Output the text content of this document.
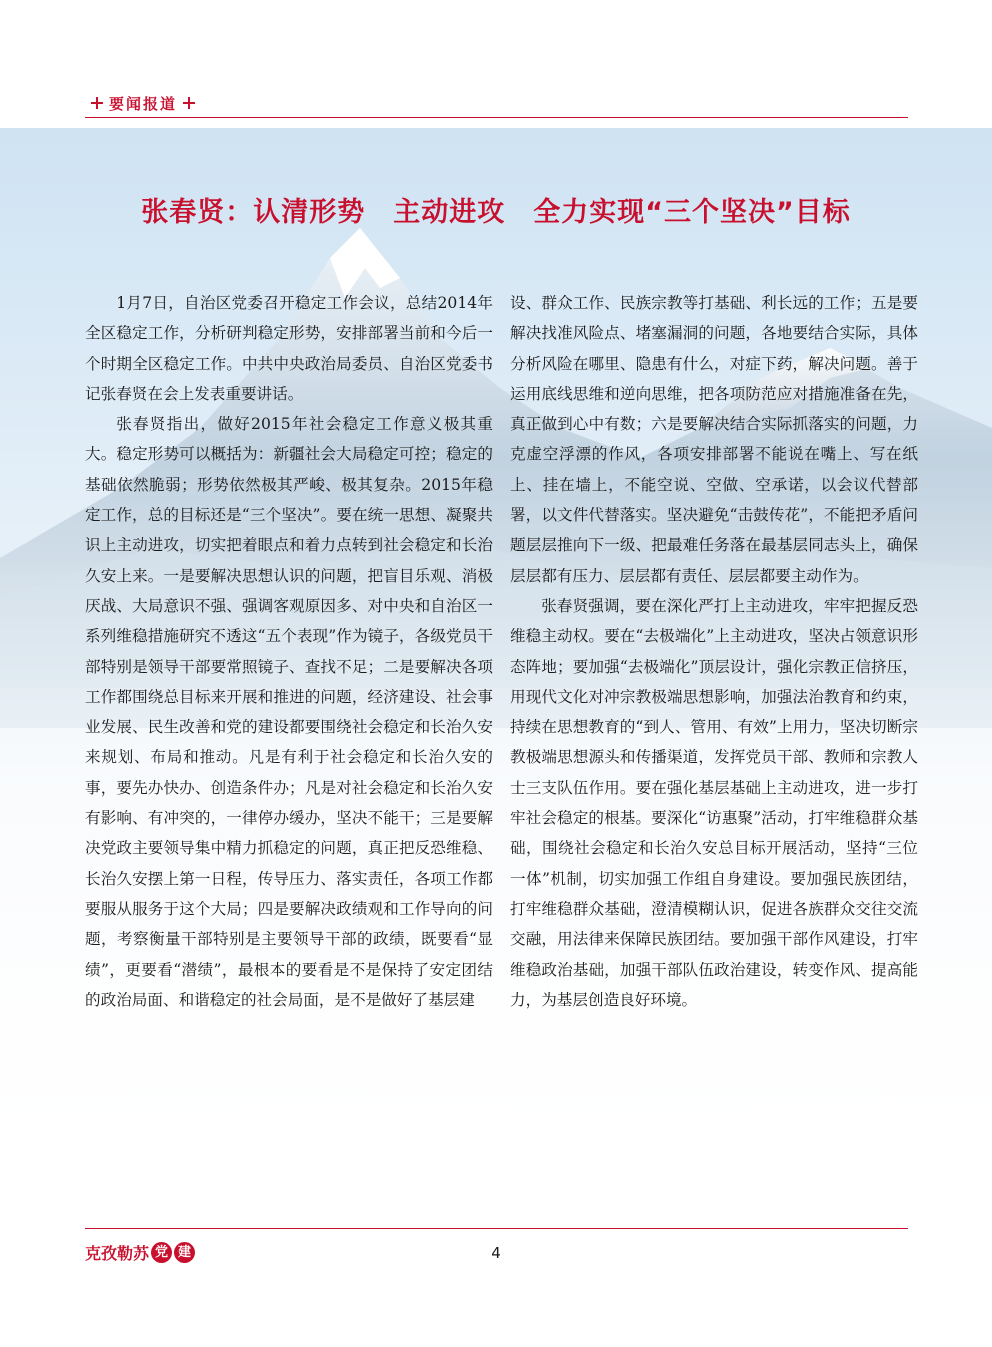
要闻报道
张春贤：认清形势　主动进攻　全力实现“三个坚决”目标

1月7日，自治区党委召开稳定工作会议，总结2014年全区稳定工作，分析研判稳定形势，安排部署当前和今后一个时期全区稳定工作。中共中央政治局委员、自治区党委书记张春贤在会上发表重要讲话。

张春贤指出，做好2015年社会稳定工作意义极其重大。稳定形势可以概括为：新疆社会大局稳定可控；稳定的基础依然脆弱；形势依然极其严峻、极其复杂。2015年稳定工作，总的目标还是“三个坚决”。要在统一思想、凝聚共识上主动进攻，切实把着眼点和着力点转到社会稳定和长治久安上来。一是要解决思想认识的问题，把盲目乐观、消极厌战、大局意识不强、强调客观原因多、对中央和自治区一系列维稳措施研究不透这“五个表现”作为镜子，各级党员干部特别是领导干部要常照镜子、查找不足；二是要解决各项工作都围绕总目标来开展和推进的问题，经济建设、社会事业发展、民生改善和党的建设都要围绕社会稳定和长治久安来规划、布局和推动。凡是有利于社会稳定和长治久安的事，要先办快办、创造条件办；凡是对社会稳定和长治久安有影响、有冲突的，一律停办缓办，坚决不能干；三是要解决党政主要领导集中精力抓稳定的问题，真正把反恐维稳、长治久安摆上第一日程，传导压力、落实责任，各项工作都要服从服务于这个大局；四是要解决政绩观和工作导向的问题，考察衡量干部特别是主要领导干部的政绩，既要看“显绩”，更要看“潜绩”，最根本的要看是不是保持了安定团结的政治局面、和谐稳定的社会局面，是不是做好了基层建

设、群众工作、民族宗教等打基础、利长远的工作；五是要解决找准风险点、堵塞漏洞的问题，各地要结合实际，具体分析风险在哪里、隐患有什么，对症下药，解决问题。善于运用底线思维和逆向思维，把各项防范应对措施准备在先，真正做到心中有数；六是要解决结合实际抓落实的问题，力克虚空浮漂的作风，各项安排部署不能说在嘴上、写在纸上、挂在墙上，不能空说、空做、空承诺，以会议代替部署，以文件代替落实。坚决避免“击鼓传花”，不能把矛盾问题层层推向下一级、把最难任务落在最基层同志头上，确保层层都有压力、层层都有责任、层层都要主动作为。

张春贤强调，要在深化严打上主动进攻，牢牢把握反恐维稳主动权。要在“去极端化”上主动进攻，坚决占领意识形态阵地；要加强“去极端化”顶层设计，强化宗教正信挤压，用现代文化对冲宗教极端思想影响，加强法治教育和约束，持续在思想教育的“到人、管用、有效”上用力，坚决切断宗教极端思想源头和传播渠道，发挥党员干部、教师和宗教人士三支队伍作用。要在强化基层基础上主动进攻，进一步打牢社会稳定的根基。要深化“访惠聚”活动，打牢维稳群众基础，围绕社会稳定和长治久安总目标开展活动，坚持“三位一体”机制，切实加强工作组自身建设。要加强民族团结，打牢维稳群众基础，澄清模糊认识，促进各族群众交往交流交融，用法律来保障民族团结。要加强干部作风建设，打牢维稳政治基础，加强干部队伍政治建设，转变作风、提高能力，为基层创造良好环境。

克孜勒苏 党 建	4
